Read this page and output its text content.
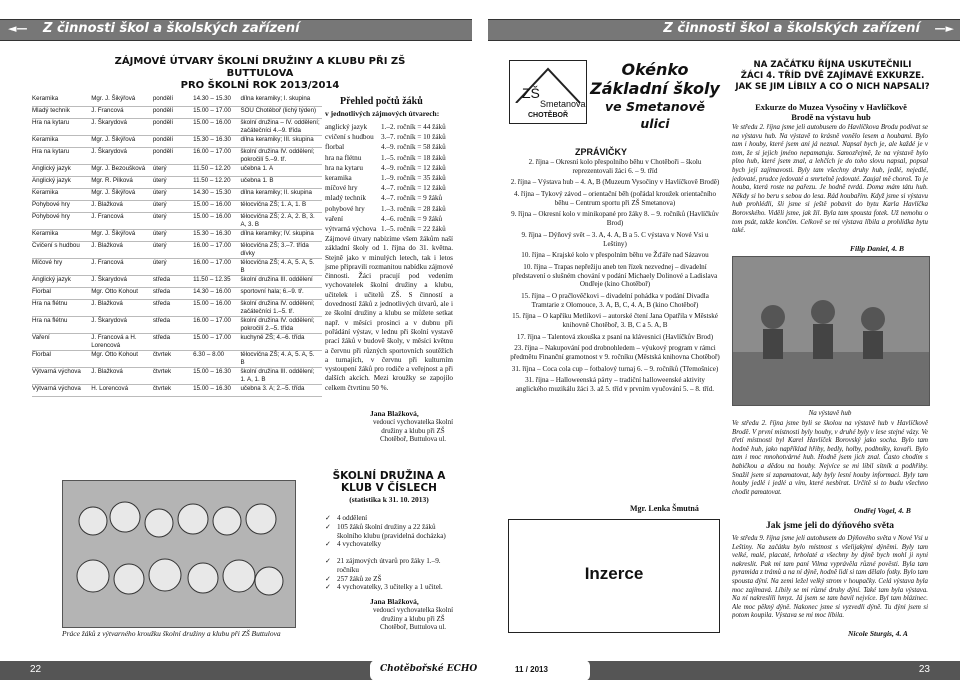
◄— Z činnosti škol a školských zařízení	Z činnosti škol a školských zařízení —►
ZÁJMOVÉ ÚTVARY ŠKOLNÍ DRUŽINY A KLUBU PŘI ZŠ BUTTULOVA
PRO ŠKOLNÍ ROK 2013/2014
Keramika	Mgr. J. Šikýřová	pondělí	14.30 – 15.30	dílna keramiky; I. skupina
Mladý technik	J. Francová	pondělí	15.00 – 17.00	SOU Chotěboř (lichý týden)
Hra na kytaru	J. Škarydová	pondělí	15.00 – 16.00	školní družina – IV. oddělení; začátečníci 4.–9. třída
Keramika	Mgr. J. Šikýřová	pondělí	15.30 – 16.30	dílna keramiky; III. skupina
Hra na kytaru	J. Škarydová	pondělí	16.00 – 17.00	školní družina IV. oddělení; pokročilí 5.–9. tř.
Anglický jazyk	Mgr. J. Bezoušková	úterý	11.50 – 12.20	učebna 1. A
Anglický jazyk	Mgr. R. Pilková	úterý	11.50 – 12.20	učebna 1. B
Keramika	Mgr. J. Šikýřová	úterý	14.30 – 15.30	dílna keramiky; II. skupina
Pohybové hry	J. Blažková	úterý	15.00 – 16.00	tělocvična ZŠ; 1. A, 1. B
Pohybové hry	J. Francová	úterý	15.00 – 16.00	tělocvična ZŠ; 2. A, 2. B, 3. A, 3. B
Keramika	Mgr. J. Šikýřová	úterý	15.30 – 16.30	dílna keramiky; IV. skupina
Cvičení s hudbou	J. Blažková	úterý	16.00 – 17.00	tělocvična ZŠ; 3.–7. třída dívky
Míčové hry	J. Francová	úterý	16.00 – 17.00	tělocvična ZŠ; 4. A, 5. A, 5. B
Anglický jazyk	J. Škarydová	středa	11.50 – 12.35	školní družina III. oddělení
Florbal	Mgr. Otto Kohout	středa	14.30 – 16.00	sportovní hala; 6.–9. tř.
Hra na flétnu	J. Blažková	středa	15.00 – 16.00	školní družina IV. oddělení; začátečníci 1.–5. tř.
Hra na flétnu	J. Škarydová	středa	16.00 – 17.00	školní družina IV. oddělení; pokročilí 2.–5. třída
Vaření	J. Francová a H. Lorencová	středa	15.00 – 17.00	kuchyně ZŠ; 4.–6. třída
Florbal	Mgr. Otto Kohout	čtvrtek	6.30 – 8.00	tělocvična ZŠ; 4. A, 5. A, 5. B
Výtvarná výchova	J. Blažková	čtvrtek	15.00 – 16.30	školní družina III. oddělení; 1. A, 1. B
Výtvarná výchova	H. Lorencová	čtvrtek	15.00 – 16.30	učebna 3. A; 2.–5. třída
Práce žáků z výtvarného kroužku školní družiny a klubu při ZŠ Buttulova
Přehled počtů žáků
v jednotlivých zájmových útvarech:
anglický jazyk	1.–2. ročník = 44 žáků
cvičení s hudbou	3.–7. ročník = 10 žáků
florbal	4.–9. ročník = 58 žáků
hra na flétnu	1.–5. ročník = 18 žáků
hra na kytaru	4.–9. ročník = 12 žáků
keramika	1.–9. ročník = 35 žáků
míčové hry	4.–7. ročník = 12 žáků
mladý technik	4.–7. ročník = 9 žáků
pohybové hry	1.–3. ročník = 28 žáků
vaření	4.–6. ročník = 9 žáků
výtvarná výchova 1.–5. ročník = 22 žáků
Zájmové útvary nabízíme všem žákům naší základní školy od 1. října do 31. května. Stejně jako v minulých letech, tak i letos jsme připravili rozmanitou nabídku zájmové činnosti. Žáci pracují pod vedením vychovatelek školní družiny a klubu, učitelek i učitelů ZŠ. S činností a dovedností žáků z jednotlivých útvarů, ale i ze školní družiny a klubu se můžete setkat např. v měsíci prosinci a v dubnu při pořádání výstav, v lednu při školní vystavě prací žáků v budově školy, v měsíci květnu a červnu při různých sportovních soutěžích a turnajích, v červnu při kulturním vystoupení žáků pro rodiče a veřejnost a při dalších akcích. Mezi kroužky se zapojilo celkem čtvrtinu 50 %.
Jana Blažková,
vedoucí vychovatelka školní družiny a klubu při ZŠ Chotěboř, Buttulova ul.
ŠKOLNÍ DRUŽINA A KLUB V ČÍSLECH
(statistika k 31. 10. 2013)
✓ 4 oddělení
✓ 105 žáků školní družiny a 22 žáků školního klubu (pravidelná docházka)
✓ 4 vychovatelky
✓ 21 zájmových útvarů pro žáky 1.–9. ročníku
✓ 257 žáků ze ZŠ
✓ 4 vychovatelky, 3 učitelky a 1 učitel.
Jana Blažková,
vedoucí vychovatelka školní družiny a klubu při ZŠ Chotěboř, Buttulova ul.
ZŠ
Smetanova
CHOTĚBOŘ
Okénko
Základní školy
ve Smetanově ulici
ZPRÁVIČKY
2. října – Okresní kolo přespolního běhu v Chotěboři – školu reprezentovali žáci 6. – 9. tříd
2. října – Výstava hub – 4. A, B (Muzeum Vysočiny v Havlíčkově Brodě)
4. října – Tykový závod – orientační běh (pořádal kroužek orientačního běhu – Centrum sportu při ZŠ Smetanova)
9. října – Okresní kolo v minikopané pro žáky 8. – 9. ročníků (Havlíčkův Brod)
9. října – Dýňový svět – 3. A, 4. A, B a 5. C výstava v Nové Vsi u Leštiny)
10. října – Krajské kolo v přespolním běhu ve Žďáře nad Sázavou
10. října – Trapas nepřežiju aneb ten řízek nezvednej – divadelní představení o slušném chování v podání Michaely Dolinové a Ladislava Ondřeje (kino Chotěboř)
15. října – O pračlověčkovi – divadelní pohádka v podání Divadla Tramtarie z Olomouce, 3. A, B, C, 4. A, B (kino Chotěboř)
15. října – O kapříku Metlíkovi – autorské čtení Jana Opatřila v Městské knihovně Chotěboř, 3. B, C a 5. A, B
17. října – Talentová zkouška z psaní na klávesnici (Havlíčkův Brod)
23. října – Nakupování pod drobnohledem – výukový program v rámci předmětu Finanční gramotnost v 9. ročníku (Městská knihovna Chotěboř)
31. října – Coca cola cup – fotbalový turnaj 6. – 9. ročníků (Třemošnice)
31. října – Halloweenská párty – tradiční halloweenské aktivity anglického muzikálu žáci 3. až 5. tříd v prvním vyučování 5. – 8. tříd.
Mgr. Lenka Šmutná
Inzerce
NA ZAČÁTKU ŘÍJNA USKUTEČNILI
ŽÁCI 4. TŘÍD DVĚ ZAJÍMAVÉ EXKURZE.
JAK SE JIM LÍBILY A CO O NICH NAPSALI?
Exkurze do Muzea Vysočiny v Havlíčkově Brodě na výstavu hub
Ve středu 2. října jsme jeli autobusem do Havlíčkova Brodu podívat se na výstavu hub. Na výstavě to krásně vonělo lesem a houbami. Bylo tam i houby, které jsem ani já neznal. Napsal bych je, ale každé je v tom, že si jejich jméno nepamatuju. Samozřejmě, že na výstavě bylo plno hub, které jsem znal, a lehčích je do toho slovu napsal, popsal bych její zajímavosti. Byly tam všechny druhy hub, jedlé, nejedlé, jedovaté, prudce jedovaté a smrtelně jedovaté. Zaujal mě choroš. To je houba, která roste na pařezu. Je hodně tvrdá. Doma mám tátu hub. Někdy si ho beru s sebou do lesa. Rád houbařím. Když jsme si výstavu hub prohlédli, šli jsme si ještě pobavit do bytu Karla Havlíčka Borovského. Viděli jsme, jak žil. Byla tam spousta fotek. Už nemohu o tom psát, takže končím. Celkově se mi výstava líbila a prohlídka bytu také.
Filip Daniel, 4. B
Na výstavě hub
Ve středu 2. října jsme byli se školou na výstavě hub v Havlíčkově Brodě. V první místnosti byly houby, v druhé byly v lese stejné vázy. Ve třetí místnosti byl Karel Havlíček Borovský jako socha. Bylo tam hodně hub, jako například hřiby, bedly, holby, podbníky, kovaři. Bylo tam i moc mnohotvárné hub. Hodně jsem jich znal. Často chodím s babičkou a dědou na houby. Nejvíce se mi líbil sítník a podhřiby. Snažil jsem si zapamatovat, kdy byly lesní houby informaci. Byly tam houby jedlé i jedlé a vím, které nesbírat. Určitě si to budu všechno chodit pamatovat.
Ondřej Vogel, 4. B
Jak jsme jeli do dýňového světa
Ve středu 9. října jsme jeli autobusem do Dýňového světa v Nové Vsi u Leštiny. Na začátku bylo místnost s všelijakými dýněmi. Byly tam velké, malé, placaté, hrbolaté a všechny by dýně bych mohl ji nyní nakreslit. Pak mi tam paní Vilma vyprávěla různé pověsti. Byla tam pyramida z trámů a na ní dýně, hodně lidí si tam dělalo fotky. Bylo tam spousta dýní. Na zemi ležel velký strom v houpačky. Celá výstava byla moc zajímavá. Líbily se mi různé druhy dýní. Také tam byla výstava. Na ní nakreslili hmyz. Já jsem se tam bavil nejvíce. Byl tam blázinec. Ale moc pěkný dýně. Nakonec jsme si vyzvedli dýně. Tu dýni jsem si potom koupila. Výstava se mi moc líbila.
Nicole Sturgis, 4. A
22	23
Chotěbořské ECHO	11 / 2013
